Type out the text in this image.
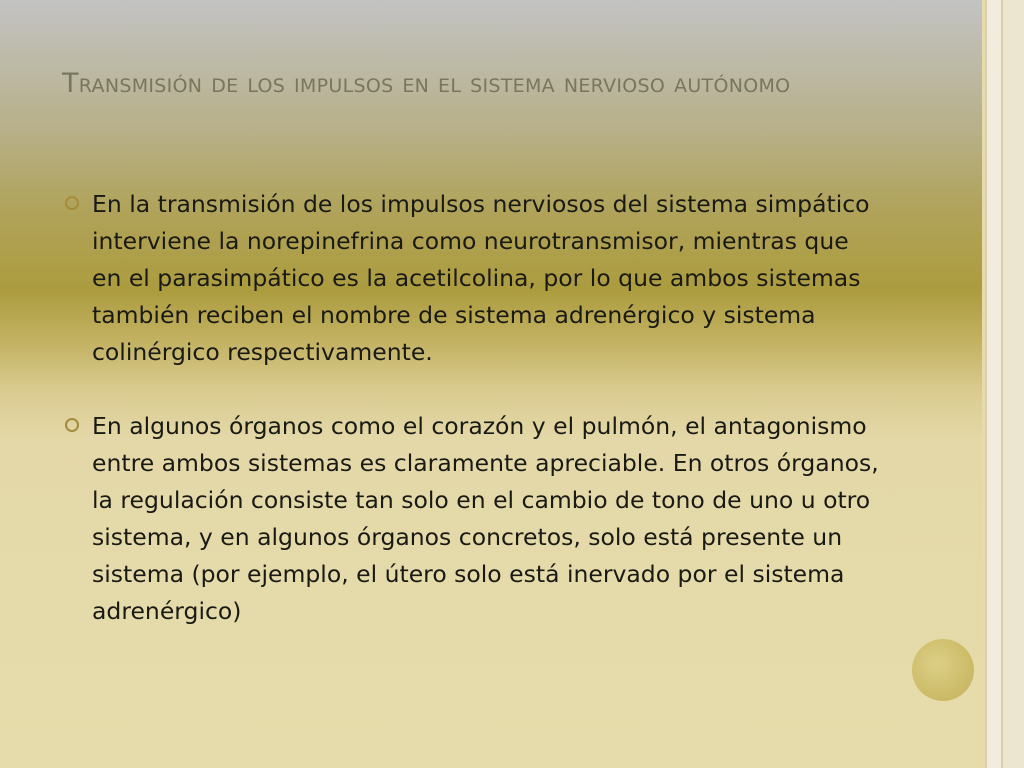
Transmisión de los impulsos en el sistema nervioso autónomo
En la transmisión de los impulsos nerviosos del sistema simpático interviene la norepinefrina como neurotransmisor, mientras que en el parasimpático es la acetilcolina, por lo que ambos sistemas también reciben el nombre de sistema adrenérgico y sistema colinérgico respectivamente.
En algunos órganos como el corazón y el pulmón, el antagonismo entre ambos sistemas es claramente apreciable. En otros órganos, la regulación consiste tan solo en el cambio de tono de uno u otro sistema, y en algunos órganos concretos, solo está presente un sistema (por ejemplo, el útero solo está inervado por el sistema adrenérgico)
